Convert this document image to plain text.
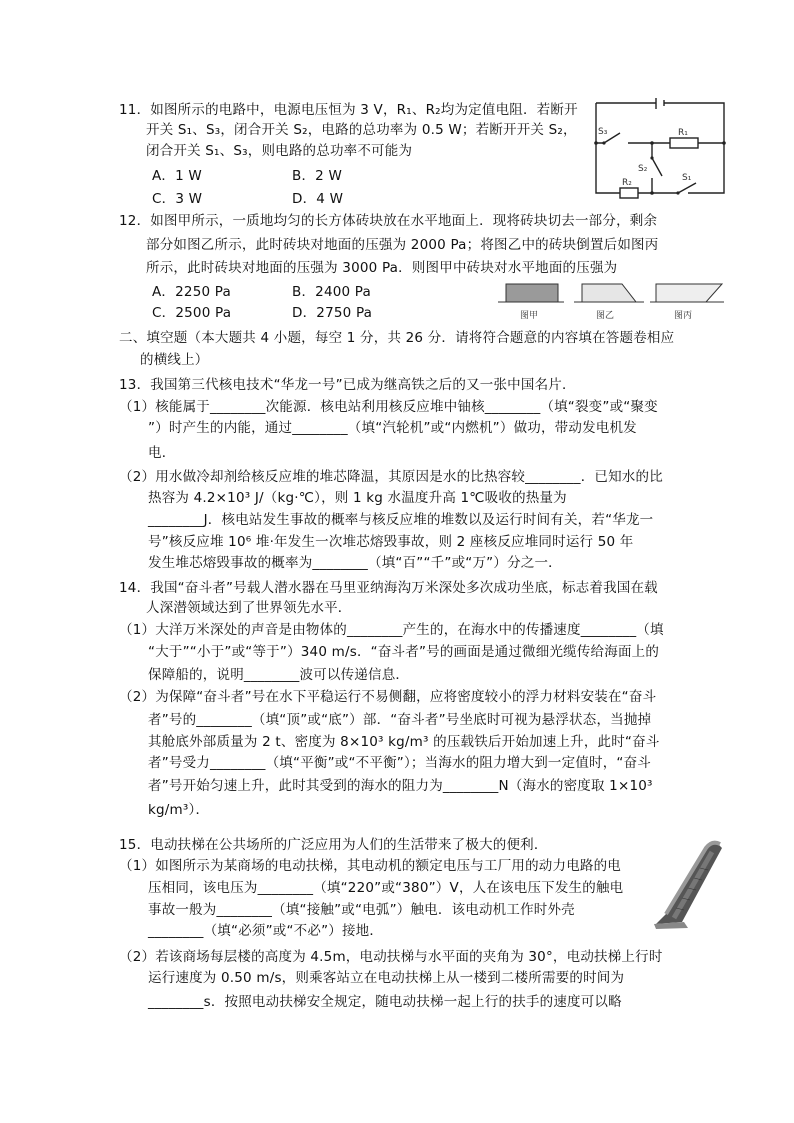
11．如图所示的电路中，电源电压恒为 3 V，R₁、R₂均为定值电阻．若断开
开关 S₁、S₃，闭合开关 S₂，电路的总功率为 0.5 W；若断开开关 S₂，
闭合开关 S₁、S₃，则电路的总功率不可能为
A．1 W	B．2 W
C．3 W	D．4 W
S₃	R₁
S₂
R₂	S₁
12．如图甲所示，一质地均匀的长方体砖块放在水平地面上．现将砖块切去一部分，剩余
部分如图乙所示，此时砖块对地面的压强为 2000 Pa；将图乙中的砖块倒置后如图丙
所示，此时砖块对地面的压强为 3000 Pa．则图甲中砖块对水平地面的压强为
A．2250 Pa	B．2400 Pa
C．2500 Pa	D．2750 Pa	图甲	图乙	图丙
二、填空题（本大题共 4 小题，每空 1 分，共 26 分．请将符合题意的内容填在答题卷相应
的横线上）
13．我国第三代核电技术“华龙一号”已成为继高铁之后的又一张中国名片．
（1）核能属于________次能源．核电站利用核反应堆中铀核________（填“裂变”或“聚变
”）时产生的内能，通过________（填“汽轮机”或“内燃机”）做功，带动发电机发
电．
（2）用水做冷却剂给核反应堆的堆芯降温，其原因是水的比热容较________．已知水的比
热容为 4.2×10³ J/（kg·℃），则 1 kg 水温度升高 1℃吸收的热量为
________J．核电站发生事故的概率与核反应堆的堆数以及运行时间有关，若“华龙一
号”核反应堆 10⁶ 堆·年发生一次堆芯熔毁事故，则 2 座核反应堆同时运行 50 年
发生堆芯熔毁事故的概率为________（填“百”“千”或“万”）分之一．
14．我国“奋斗者”号载人潜水器在马里亚纳海沟万米深处多次成功坐底，标志着我国在载
人深潜领域达到了世界领先水平．
（1）大洋万米深处的声音是由物体的________产生的，在海水中的传播速度________（填
“大于”“小于”或“等于”）340 m/s．“奋斗者”号的画面是通过微细光缆传给海面上的
保障船的，说明________波可以传递信息．
（2）为保障“奋斗者”号在水下平稳运行不易侧翻，应将密度较小的浮力材料安装在“奋斗
者”号的________（填“顶”或“底”）部．“奋斗者”号坐底时可视为悬浮状态，当抛掉
其舱底外部质量为 2 t、密度为 8×10³ kg/m³ 的压载铁后开始加速上升，此时“奋斗
者”号受力________（填“平衡”或“不平衡”）；当海水的阻力增大到一定值时，“奋斗
者”号开始匀速上升，此时其受到的海水的阻力为________N（海水的密度取 1×10³
kg/m³）．
15．电动扶梯在公共场所的广泛应用为人们的生活带来了极大的便利．
（1）如图所示为某商场的电动扶梯，其电动机的额定电压与工厂用的动力电路的电
压相同，该电压为________（填“220”或“380”）V，人在该电压下发生的触电
事故一般为________（填“接触”或“电弧”）触电．该电动机工作时外壳
________（填“必须”或“不必”）接地．
（2）若该商场每层楼的高度为 4.5m，电动扶梯与水平面的夹角为 30°，电动扶梯上行时
运行速度为 0.50 m/s，则乘客站立在电动扶梯上从一楼到二楼所需要的时间为
________s．按照电动扶梯安全规定，随电动扶梯一起上行的扶手的速度可以略
